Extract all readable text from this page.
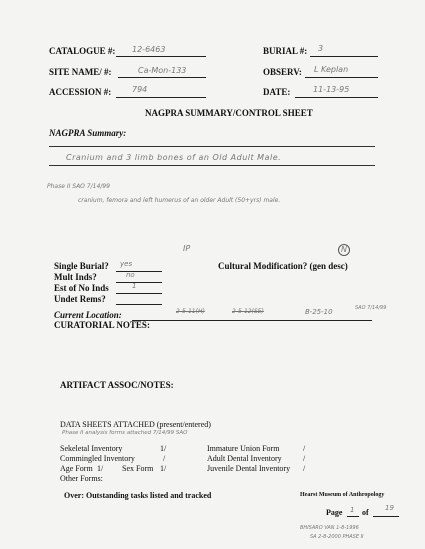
CATALOGUE #: 12-6463	BURIAL #: 3
SITE NAME/ #:	Ca-Mon-133	OBSERV: L Keplan
ACCESSION #:	794	DATE:	11-13-95
NAGPRA SUMMARY/CONTROL SHEET
NAGPRA Summary:
Cranium and 3 limb bones of an Old Adult Male.
Phase II SAO 7/14/99
cranium, femora and left humerus of an older Adult (50+yrs) male.
IP	N
Single Burial? yes	Cultural Modification? (gen desc)
Mult Inds?	no
Est of No Inds	1
Undet Rems?
Current Location:	2-5-11(H)	2-5-12(SE)	B-25-10	SAO 7/14/99
CURATORIAL NOTES:
ARTIFACT ASSOC/NOTES:
DATA SHEETS ATTACHED (present/entered)
Phase II analysis forms attached 7/14/99 SAO
Sekeletal Inventory	1/
Commingled Inventory	/
Age Form 1/ Sex Form 1/
Other Forms:
Immature Union Form	/
Adult Dental Inventory	/
Juvenile Dental Inventory /
Over: Outstanding tasks listed and tracked	Hearst Museum of Anthropology
Page 1 of 19
BHISARO VAN 1-8-1996
SA 2-8-2000 PHASE II
